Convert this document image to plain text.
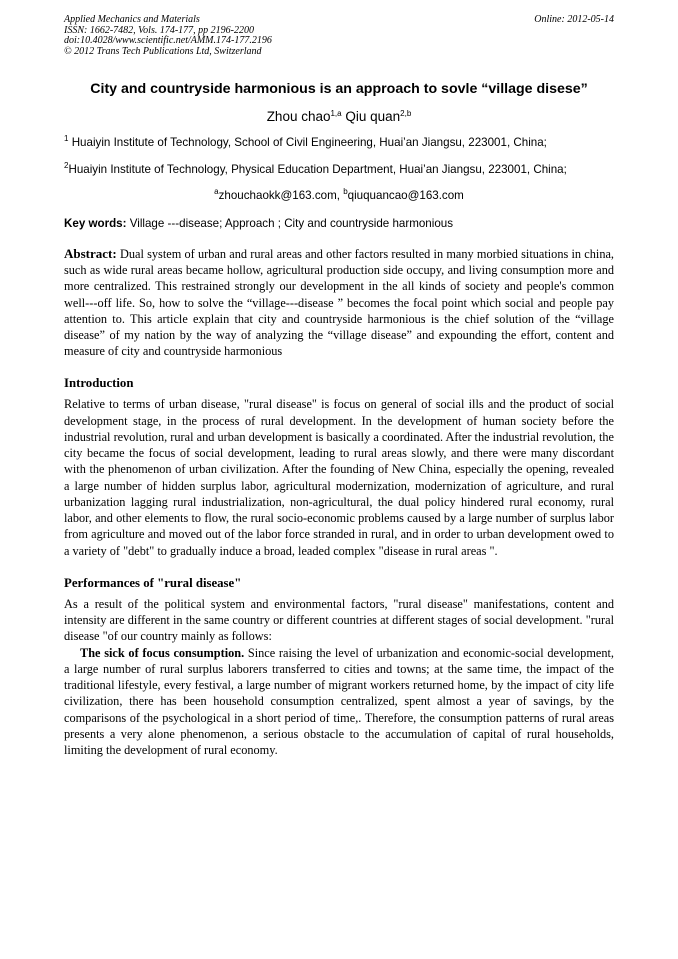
Applied Mechanics and Materials
ISSN: 1662-7482, Vols. 174-177, pp 2196-2200
doi:10.4028/www.scientific.net/AMM.174-177.2196
© 2012 Trans Tech Publications Ltd, Switzerland
Online: 2012-05-14
City and countryside harmonious is an approach to sovle “village disese”
Zhou chao$^{1,a}$ Qiu quan$^{2,b}$
$^1$ Huaiyin Institute of Technology, School of Civil Engineering, Huai’an Jiangsu, 223001, China;
$^2$Huaiyin Institute of Technology, Physical Education Department, Huai’an Jiangsu, 223001, China;
$^a$zhouchaokk@163.com, $^b$qiuquancao@163.com
Key words: Village ---disease; Approach ; City and countryside harmonious
Abstract: Dual system of urban and rural areas and other factors resulted in many morbied situations in china, such as wide rural areas became hollow, agricultural production side occupy, and living consumption more and more centralized. This restrained strongly our development in the all kinds of society and people's common well---off life. So, how to solve the “village---disease ” becomes the focal point which social and people pay attention to. This article explain that city and countryside harmonious is the chief solution of the “village disease” of my nation by the way of analyzing the “village disease” and expounding the effort, content and measure of city and countryside harmonious
Introduction

Relative to terms of urban disease, "rural disease" is focus on general of social ills and the product of social development stage, in the process of rural development. In the development of human society before the industrial revolution, rural and urban development is basically a coordinated. After the industrial revolution, the city became the focus of social development, leading to rural areas slowly, and there were many discordant with the phenomenon of urban civilization. After the founding of New China, especially the opening, revealed a large number of hidden surplus labor, agricultural modernization, modernization of agriculture, and rural urbanization lagging rural industrialization, non-agricultural, the dual policy hindered rural economy, rural labor, and other elements to flow, the rural socio-economic problems caused by a large number of surplus labor from agriculture and moved out of the labor force stranded in rural, and in order to urban development owed to a variety of "debt" to gradually induce a broad, leaded complex "disease in rural areas ".

Performances of "rural disease"

As a result of the political system and environmental factors, "rural disease" manifestations, content and intensity are different in the same country or different countries at different stages of social development. "rural disease "of our country mainly as follows:

The sick of focus consumption. Since raising the level of urbanization and economic-social development, a large number of rural surplus laborers transferred to cities and towns; at the same time, the impact of the traditional lifestyle, every festival, a large number of migrant workers returned home, by the impact of city life civilization, there has been household consumption centralized, spent almost a year of savings, by the comparisons of the psychological in a short period of time,. Therefore, the consumption patterns of rural areas presents a very alone phenomenon, a serious obstacle to the accumulation of capital of rural households, limiting the development of rural economy.
